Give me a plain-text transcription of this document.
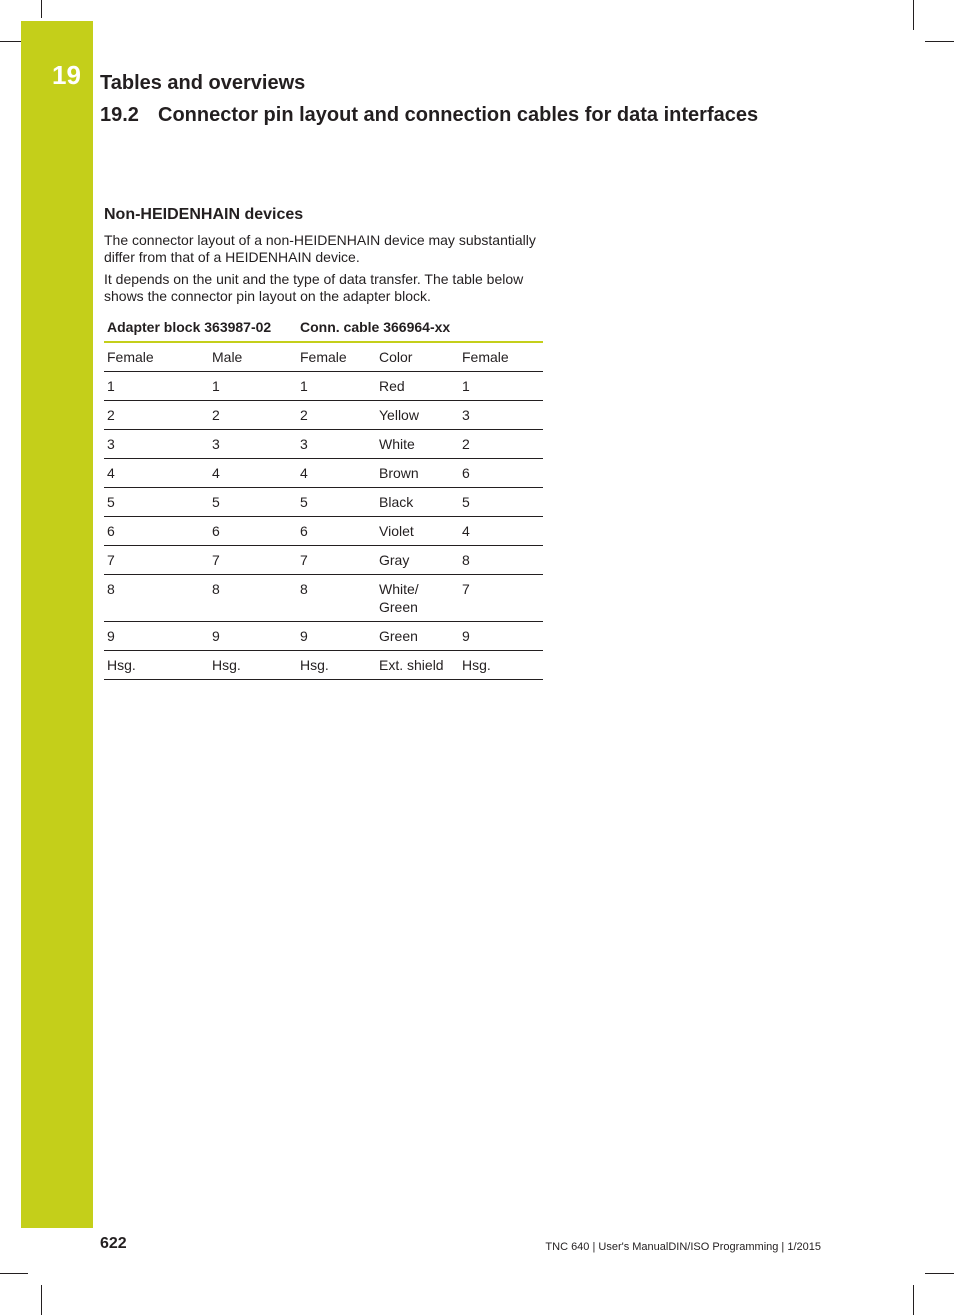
19 Tables and overviews
19.2 Connector pin layout and connection cables for data interfaces
Non-HEIDENHAIN devices

The connector layout of a non-HEIDENHAIN device may substantially differ from that of a HEIDENHAIN device.

It depends on the unit and the type of data transfer. The table below shows the connector pin layout on the adapter block.

Adapter block 363987-02		Conn. cable 366964-xx		
Female	Male	Female	Color	Female
1	1	1	Red	1
2	2	2	Yellow	3
3	3	3	White	2
4	4	4	Brown	6
5	5	5	Black	5
6	6	6	Violet	4
7	7	7	Gray	8
8	8	8	White/ Green	7
9	9	9	Green	9
Hsg.	Hsg.	Hsg.	Ext. shield	Hsg.
622	TNC 640 | User's ManualDIN/ISO Programming | 1/2015
